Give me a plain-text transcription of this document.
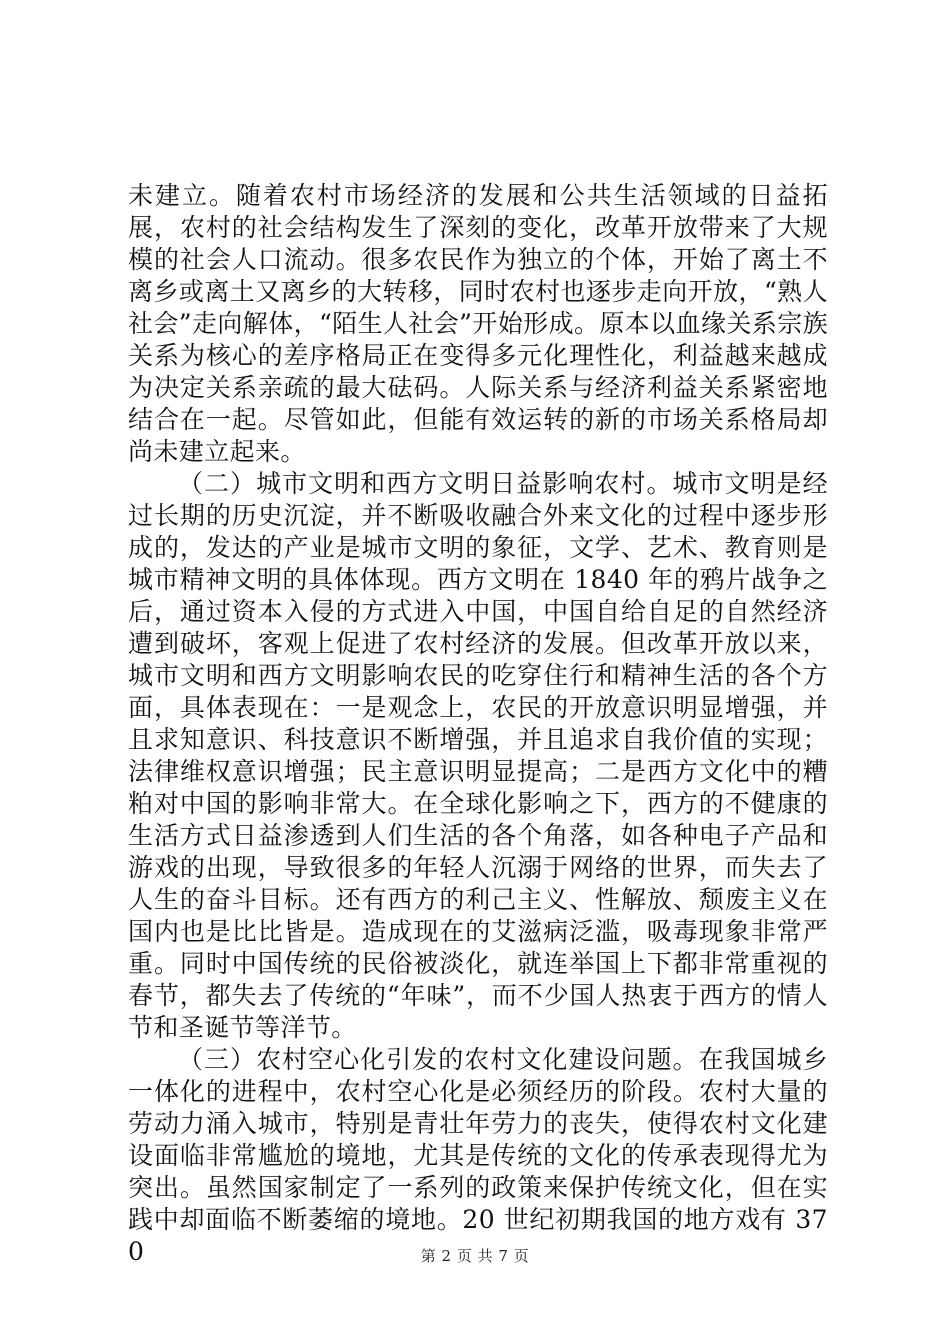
未建立。随着农村市场经济的发展和公共生活领域的日益拓展，农村的社会结构发生了深刻的变化，改革开放带来了大规模的社会人口流动。很多农民作为独立的个体，开始了离土不离乡或离土又离乡的大转移，同时农村也逐步走向开放，“熟人社会”走向解体，“陌生人社会”开始形成。原本以血缘关系宗族关系为核心的差序格局正在变得多元化理性化，利益越来越成为决定关系亲疏的最大砝码。人际关系与经济利益关系紧密地结合在一起。尽管如此，但能有效运转的新的市场关系格局却尚未建立起来。

（二）城市文明和西方文明日益影响农村。城市文明是经过长期的历史沉淀，并不断吸收融合外来文化的过程中逐步形成的，发达的产业是城市文明的象征，文学、艺术、教育则是城市精神文明的具体体现。西方文明在 1840 年的鸦片战争之后，通过资本入侵的方式进入中国，中国自给自足的自然经济遭到破坏，客观上促进了农村经济的发展。但改革开放以来，城市文明和西方文明影响农民的吃穿住行和精神生活的各个方面，具体表现在：一是观念上，农民的开放意识明显增强，并且求知意识、科技意识不断增强，并且追求自我价值的实现；法律维权意识增强；民主意识明显提高；二是西方文化中的糟粕对中国的影响非常大。在全球化影响之下，西方的不健康的生活方式日益渗透到人们生活的各个角落，如各种电子产品和游戏的出现，导致很多的年轻人沉溺于网络的世界，而失去了人生的奋斗目标。还有西方的利己主义、性解放、颓废主义在国内也是比比皆是。造成现在的艾滋病泛滥，吸毒现象非常严重。同时中国传统的民俗被淡化，就连举国上下都非常重视的春节，都失去了传统的“年味”，而不少国人热衷于西方的情人节和圣诞节等洋节。

（三）农村空心化引发的农村文化建设问题。在我国城乡一体化的进程中，农村空心化是必须经历的阶段。农村大量的劳动力涌入城市，特别是青壮年劳力的丧失，使得农村文化建设面临非常尴尬的境地，尤其是传统的文化的传承表现得尤为突出。虽然国家制定了一系列的政策来保护传统文化，但在实践中却面临不断萎缩的境地。20 世纪初期我国的地方戏有 370	第 2 页 共 7 页
